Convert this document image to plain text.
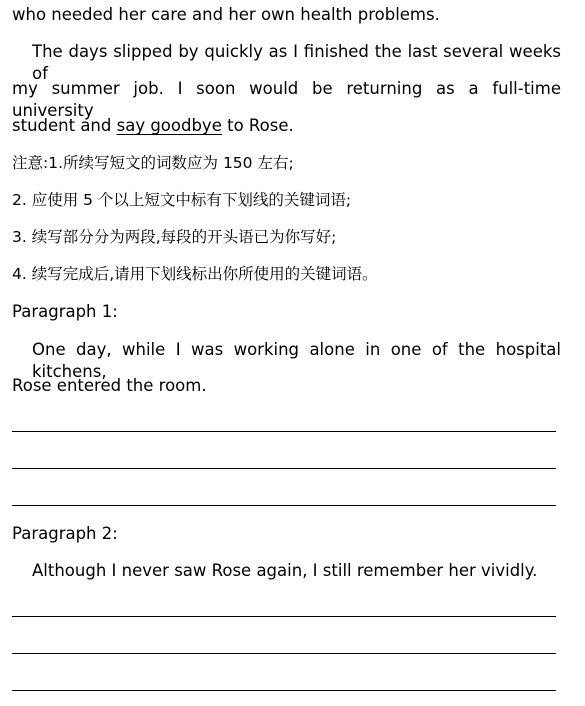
who needed her care and her own health problems.
The days slipped by quickly as I finished the last several weeks of
my summer job. I soon would be returning as a full-time university
student and say goodbye to Rose.
注意:1.所续写短文的词数应为 150 左右;
2. 应使用 5 个以上短文中标有下划线的关键词语;
3. 续写部分分为两段,每段的开头语已为你写好;
4. 续写完成后,请用下划线标出你所使用的关键词语。
Paragraph 1:
One day, while I was working alone in one of the hospital kitchens,
Rose entered the room.
Paragraph 2:
Although I never saw Rose again, I still remember her vividly.
